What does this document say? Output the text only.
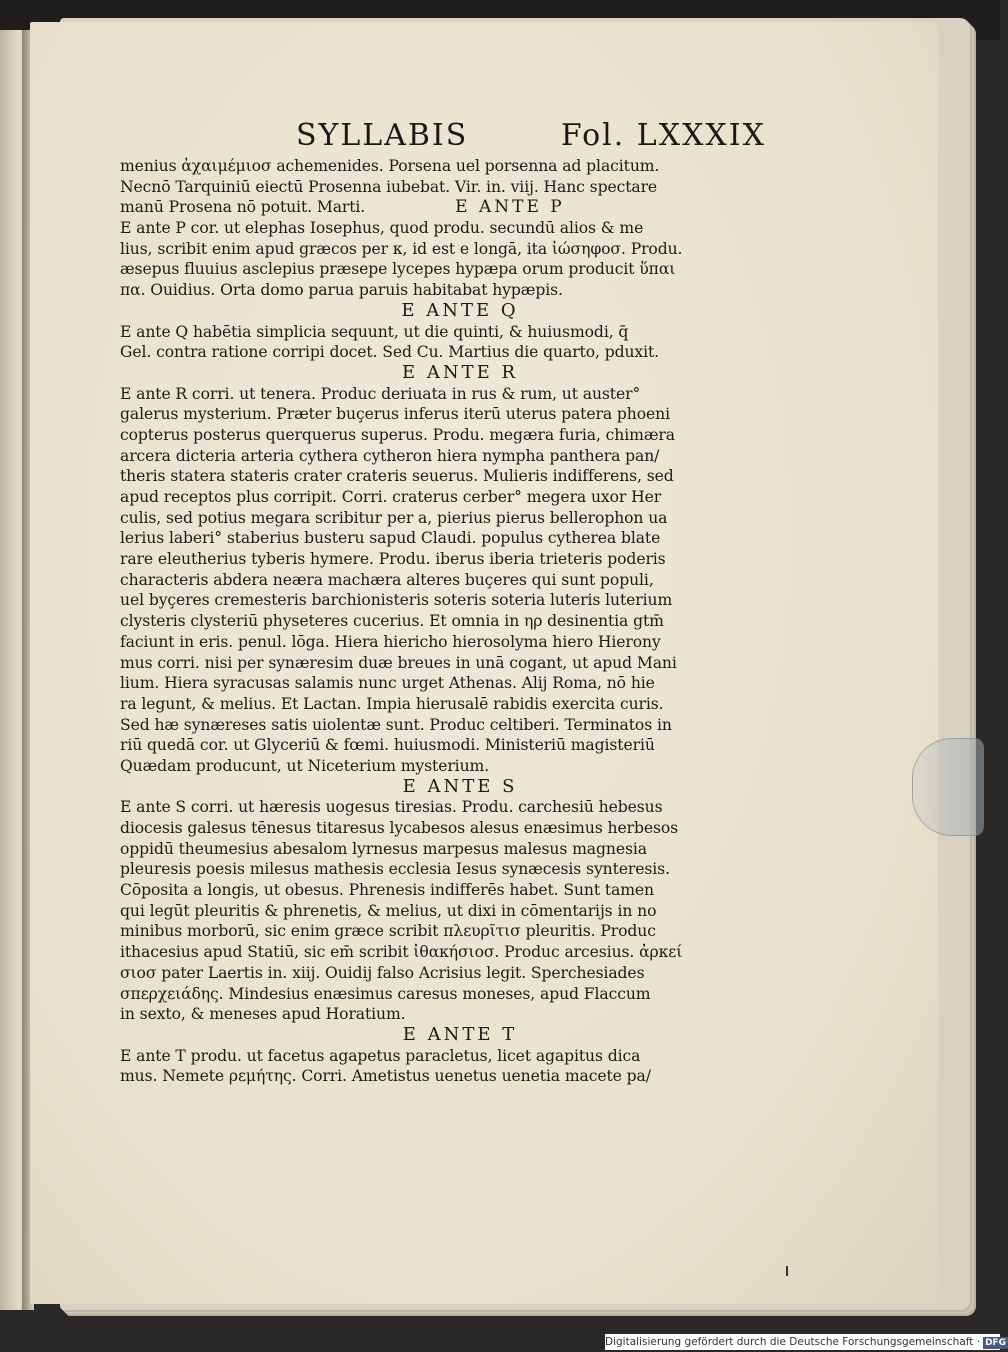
SYLLABIS	Fol. LXXXIX
menius ἀχαιμέμιοσ achemenides. Porsena uel porsenna ad placitum.
Necnō Tarquiniū eiectū Prosenna iubebat. Vir. in. viij. Hanc spectare
manū Prosena nō potuit. Marti.	E ANTE P
E ante P cor. ut elephas Iosephus, quod produ. secundū alios & me
lius, scribit enim apud græcos per κ, id est e longā, ita ἰώσηφοσ. Produ.
æsepus fluuius asclepius præsepe lycepes hypæpa orum producit ὕπαι
πα. Ouidius. Orta domo parua paruis habitabat hypæpis.
E ANTE Q
E ante Q habētia simplicia sequunt, ut die quinti, & huiusmodi, q̄
Gel. contra ratione corripi docet. Sed Cu. Martius die quarto, pduxit.
E ANTE R
E ante R corri. ut tenera. Produc deriuata in rus & rum, ut auster°
galerus mysterium. Præter buçerus inferus iterū uterus patera phoeni
copterus posterus querquerus superus. Produ. megæra furia, chimæra
arcera dicteria arteria cythera cytheron hiera nympha panthera pan/
theris statera stateris crater crateris seuerus. Mulieris indifferens, sed
apud receptos plus corripit. Corri. craterus cerber° megera uxor Her
culis, sed potius megara scribitur per a, pierius pierus bellerophon ua
lerius laberi° staberius busteru sapud Claudi. populus cytherea blate
rare eleutherius tyberis hymere. Produ. iberus iberia trieteris poderis
characteris abdera neæra machæra alteres buçeres qui sunt populi,
uel byçeres cremesteris barchionisteris soteris soteria luteris luterium
clysteris clysteriū physeteres cucerius. Et omnia in ηρ desinentia gtm̄
faciunt in eris. penul. lōga. Hiera hiericho hierosolyma hiero Hierony
mus corri. nisi per synæresim duæ breues in unā cogant, ut apud Mani
lium. Hiera syracusas salamis nunc urget Athenas. Alij Roma, nō hie
ra legunt, & melius. Et Lactan. Impia hierusalē rabidis exercita curis.
Sed hæ synæreses satis uiolentæ sunt. Produc celtiberi. Terminatos in
riū quedā cor. ut Glyceriū & fœmi. huiusmodi. Ministeriū magisteriū
Quædam producunt, ut Niceterium mysterium.
E ANTE S
E ante S corri. ut hæresis uogesus tiresias. Produ. carchesiū hebesus
diocesis galesus tēnesus titaresus lycabesos alesus enæsimus herbesos
oppidū theumesius abesalom lyrnesus marpesus malesus magnesia
pleuresis poesis milesus mathesis ecclesia Iesus synæcesis synteresis.
Cōposita a longis, ut obesus. Phrenesis indifferēs habet. Sunt tamen
qui legūt pleuritis & phrenetis, & melius, ut dixi in cōmentarijs in no
minibus morborū, sic enim græce scribit πλευρῖτισ pleuritis. Produc
ithacesius apud Statiū, sic em̄ scribit ἰθακήσιοσ. Produc arcesius. ἀρκεί
σιοσ pater Laertis in. xiij. Ouidij falso Acrisius legit. Sperchesiades
σπερχειάδης. Mindesius enæsimus caresus moneses, apud Flaccum
in sexto, & meneses apud Horatium.
E ANTE T
E ante T produ. ut facetus agapetus paracletus, licet agapitus dica
mus. Nemete ρεμήτης. Corri. Ametistus uenetus uenetia macete pa/
Digitalisierung gefördert durch die Deutsche Forschungsgemeinschaft · DFG
